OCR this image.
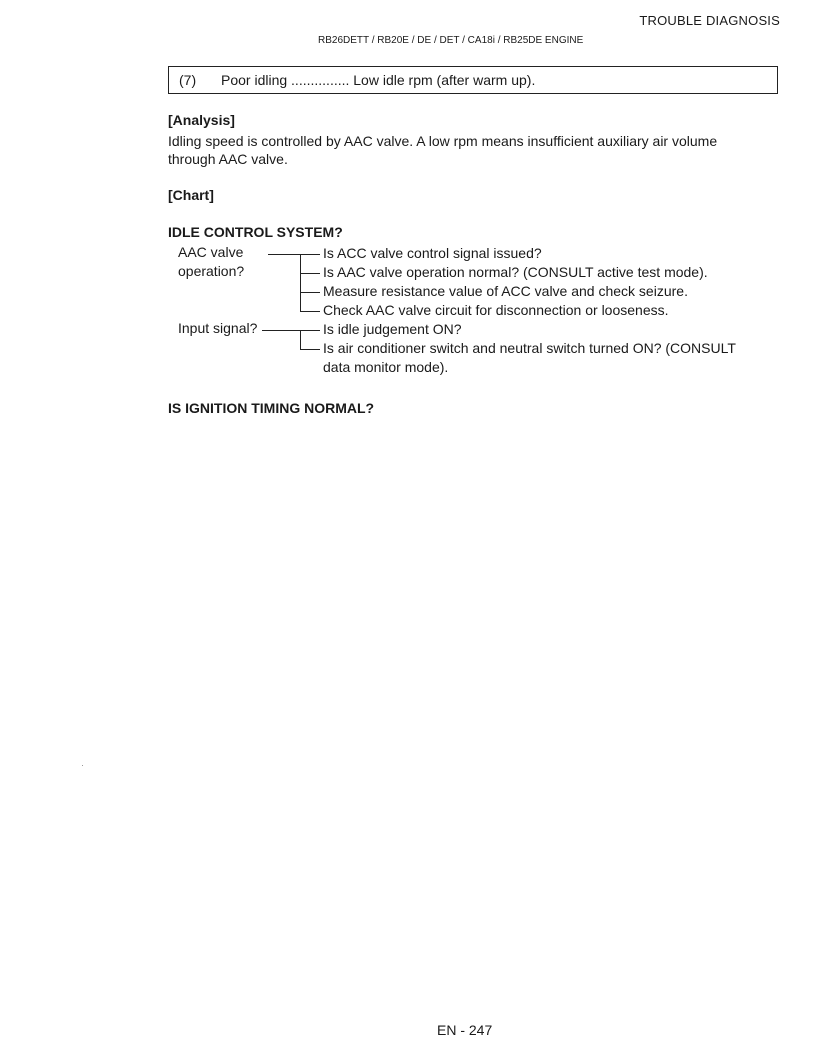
TROUBLE DIAGNOSIS
RB26DETT / RB20E / DE / DET / CA18i / RB25DE ENGINE
(7) Poor idling ............... Low idle rpm (after warm up).
[Analysis]
Idling speed is controlled by AAC valve. A low rpm means insufficient auxiliary air volume
through AAC valve.
[Chart]
IDLE CONTROL SYSTEM?
AAC valve
operation?
Is ACC valve control signal issued?
Is AAC valve operation normal? (CONSULT active test mode).
Measure resistance value of ACC valve and check seizure.
Check AAC valve circuit for disconnection or looseness.
Input signal?	Is idle judgement ON?
Is air conditioner switch and neutral switch turned ON? (CONSULT
data monitor mode).
IS IGNITION TIMING NORMAL?
EN - 247
